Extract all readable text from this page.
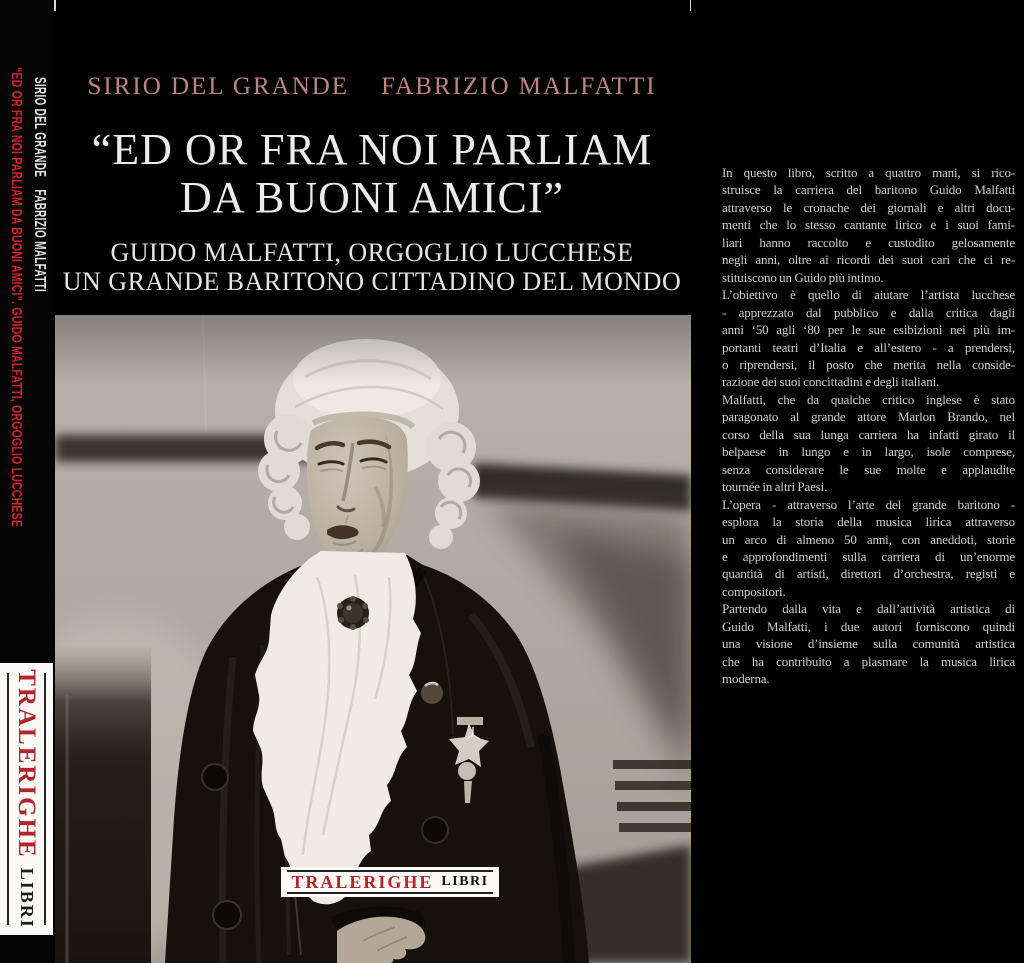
SIRIO DEL GRANDE    FABRIZIO MALFATTI
“ED OR FRA NOI PARLIAM DA BUONI AMICI”. GUIDO MALFATTI, ORGOGLIO LUCCHESE
TRALERIGHE
LIBRI
SIRIO DEL GRANDE FABRIZIO MALFATTI
“ED OR FRA NOI PARLIAM
DA BUONI AMICI”
GUIDO MALFATTI, ORGOGLIO LUCCHESE
UN GRANDE BARITONO CITTADINO DEL MONDO
TRALERIGHE LIBRI
In questo libro, scritto a quattro mani, si rico-
struisce la carriera del baritono Guido Malfatti
attraverso le cronache dei giornali e altri docu-
menti che lo stesso cantante lirico e i suoi fami-
liari hanno raccolto e custodito gelosamente
negli anni, oltre ai ricordi dei suoi cari che ci re-
stituiscono un Guido più intimo.
L’obiettivo è quello di aiutare l’artista lucchese
- apprezzato dal pubblico e dalla critica dagli
anni ‘50 agli ‘80 per le sue esibizioni nei più im-
portanti teatri d’Italia e all’estero - a prendersi,
o riprendersi, il posto che merita nella conside-
razione dei suoi concittadini e degli italiani.
Malfatti, che da qualche critico inglese è stato
paragonato al grande attore Marlon Brando, nel
corso della sua lunga carriera ha infatti girato il
belpaese in lungo e in largo, isole comprese,
senza considerare le sue molte e applaudite
tournée in altri Paesi.
L’opera - attraverso l’arte del grande baritono -
esplora la storia della musica lirica attraverso
un arco di almeno 50 anni, con aneddoti, storie
e approfondimenti sulla carriera di un’enorme
quantità di artisti, direttori d’orchestra, registi e
compositori.
Partendo dalla vita e dall’attività artistica di
Guido Malfatti, i due autori forniscono quindi
una visione d’insieme sulla comunità artistica
che ha contribuito a plasmare la musica lirica
moderna.
